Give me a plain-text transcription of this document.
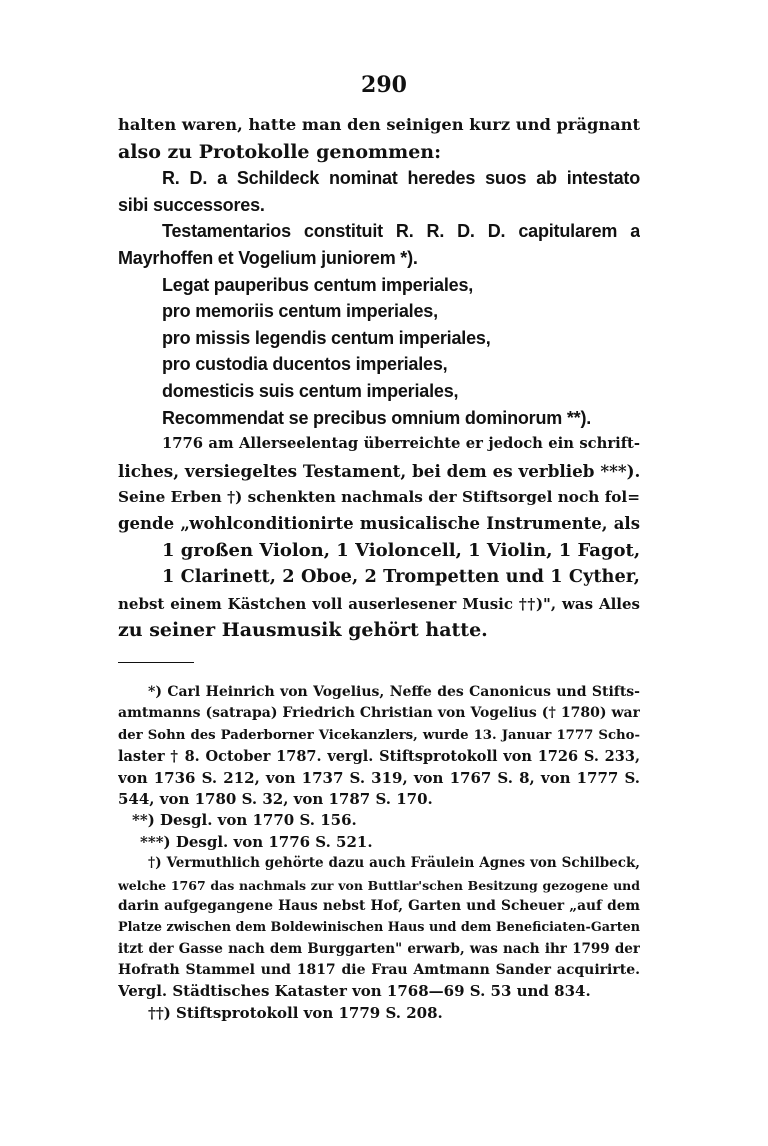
290
halten waren, hatte man den seinigen kurz und prägnant
also zu Protokolle genommen:
R. D. a Schildeck nominat heredes suos ab intestato
sibi successores.
Testamentarios constituit R. R. D. D. capitularem a
Mayrhoffen et Vogelium juniorem *).
Legat pauperibus centum imperiales,
pro memoriis centum imperiales,
pro missis legendis centum imperiales,
pro custodia ducentos imperiales,
domesticis suis centum imperiales,
Recommendat se precibus omnium dominorum **).
1776 am Allerseelentag überreichte er jedoch ein schrift-
liches, versiegeltes Testament, bei dem es verblieb ***).
Seine Erben †) schenkten nachmals der Stiftsorgel noch fol=
gende „wohlconditionirte musicalische Instrumente, als
1 großen Violon, 1 Violoncell, 1 Violin, 1 Fagot,
1 Clarinett, 2 Oboe, 2 Trompetten und 1 Cyther,
nebst einem Kästchen voll auserlesener Music ††)", was Alles
zu seiner Hausmusik gehört hatte.
*) Carl Heinrich von Vogelius, Neffe des Canonicus und Stifts-
amtmanns (satrapa) Friedrich Christian von Vogelius († 1780) war
der Sohn des Paderborner Vicekanzlers, wurde 13. Januar 1777 Scho-
laster † 8. October 1787. vergl. Stiftsprotokoll von 1726 S. 233,
von 1736 S. 212, von 1737 S. 319, von 1767 S. 8, von 1777 S.
544, von 1780 S. 32, von 1787 S. 170.
**) Desgl. von 1770 S. 156.
***) Desgl. von 1776 S. 521.
†) Vermuthlich gehörte dazu auch Fräulein Agnes von Schilbeck,
welche 1767 das nachmals zur von Buttlar'schen Besitzung gezogene und
darin aufgegangene Haus nebst Hof, Garten und Scheuer „auf dem
Platze zwischen dem Boldewinischen Haus und dem Beneficiaten-Garten
itzt der Gasse nach dem Burggarten" erwarb, was nach ihr 1799 der
Hofrath Stammel und 1817 die Frau Amtmann Sander acquirirte.
Vergl. Städtisches Kataster von 1768—69 S. 53 und 834.
††) Stiftsprotokoll von 1779 S. 208.
